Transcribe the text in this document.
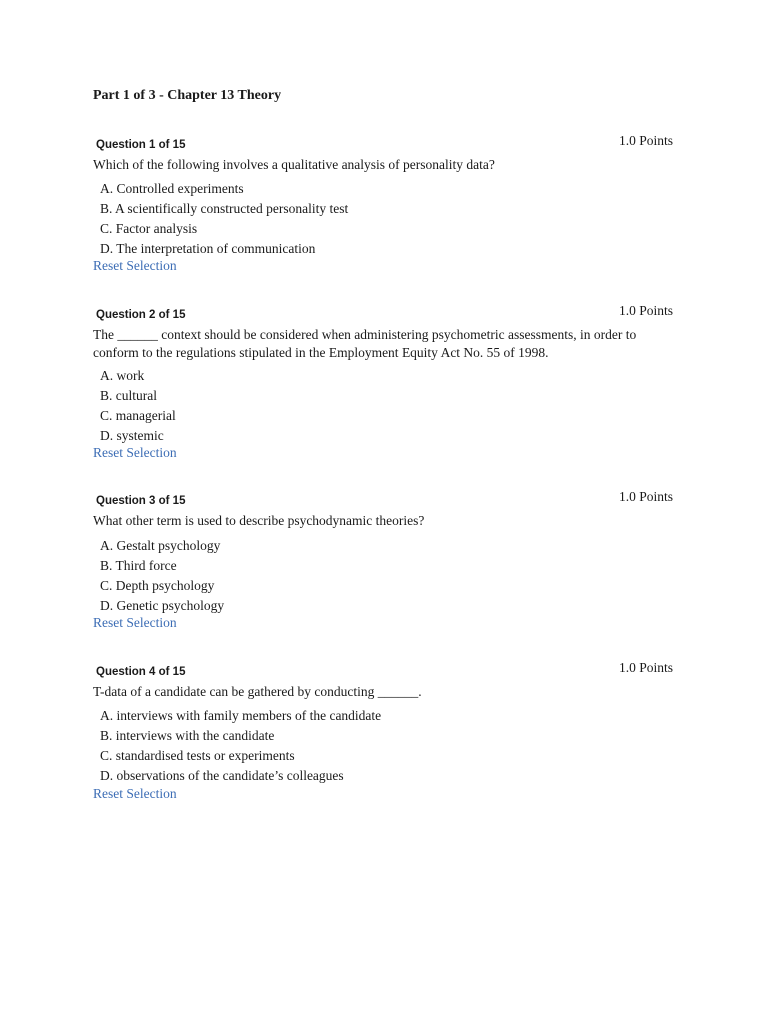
Part 1 of 3 - Chapter 13 Theory
Question 1 of 15	1.0 Points
Which of the following involves a qualitative analysis of personality data?
A. Controlled experiments
B. A scientifically constructed personality test
C. Factor analysis
D. The interpretation of communication
Reset Selection
Question 2 of 15	1.0 Points
The ______ context should be considered when administering psychometric assessments, in order to conform to the regulations stipulated in the Employment Equity Act No. 55 of 1998.
A. work
B. cultural
C. managerial
D. systemic
Reset Selection
Question 3 of 15	1.0 Points
What other term is used to describe psychodynamic theories?
A. Gestalt psychology
B. Third force
C. Depth psychology
D. Genetic psychology
Reset Selection
Question 4 of 15	1.0 Points
T-data of a candidate can be gathered by conducting ______.
A. interviews with family members of the candidate
B. interviews with the candidate
C. standardised tests or experiments
D. observations of the candidate’s colleagues
Reset Selection
